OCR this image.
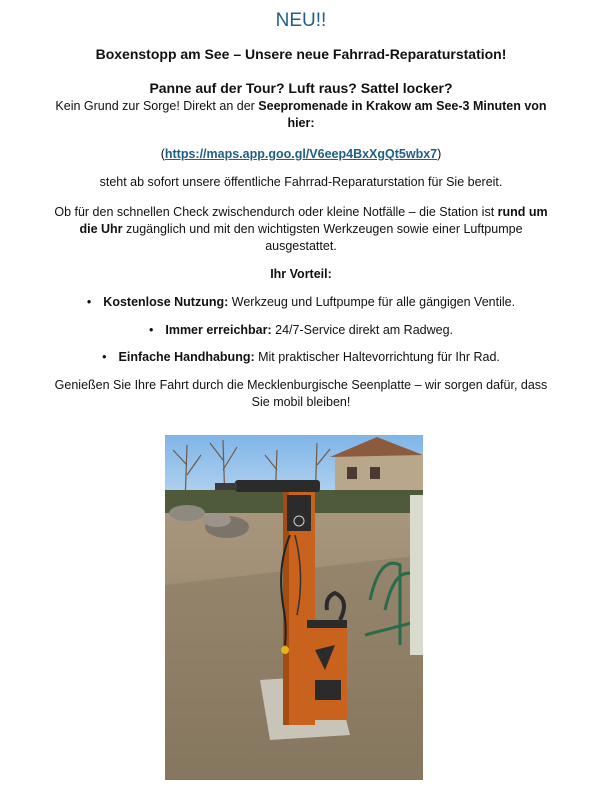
NEU!!
Boxenstopp am See – Unsere neue Fahrrad-Reparaturstation!
Panne auf der Tour? Luft raus? Sattel locker?
Kein Grund zur Sorge! Direkt an der Seepromenade in Krakow am See-3 Minuten von hier:
(https://maps.app.goo.gl/V6eep4BxXgQt5wbx7)
steht ab sofort unsere öffentliche Fahrrad-Reparaturstation für Sie bereit.
Ob für den schnellen Check zwischendurch oder kleine Notfälle – die Station ist rund um die Uhr zugänglich und mit den wichtigsten Werkzeugen sowie einer Luftpumpe ausgestattet.
Ihr Vorteil:
• Kostenlose Nutzung: Werkzeug und Luftpumpe für alle gängigen Ventile.
• Immer erreichbar: 24/7-Service direkt am Radweg.
• Einfache Handhabung: Mit praktischer Haltevorrichtung für Ihr Rad.
Genießen Sie Ihre Fahrt durch die Mecklenburgische Seenplatte – wir sorgen dafür, dass Sie mobil bleiben!
